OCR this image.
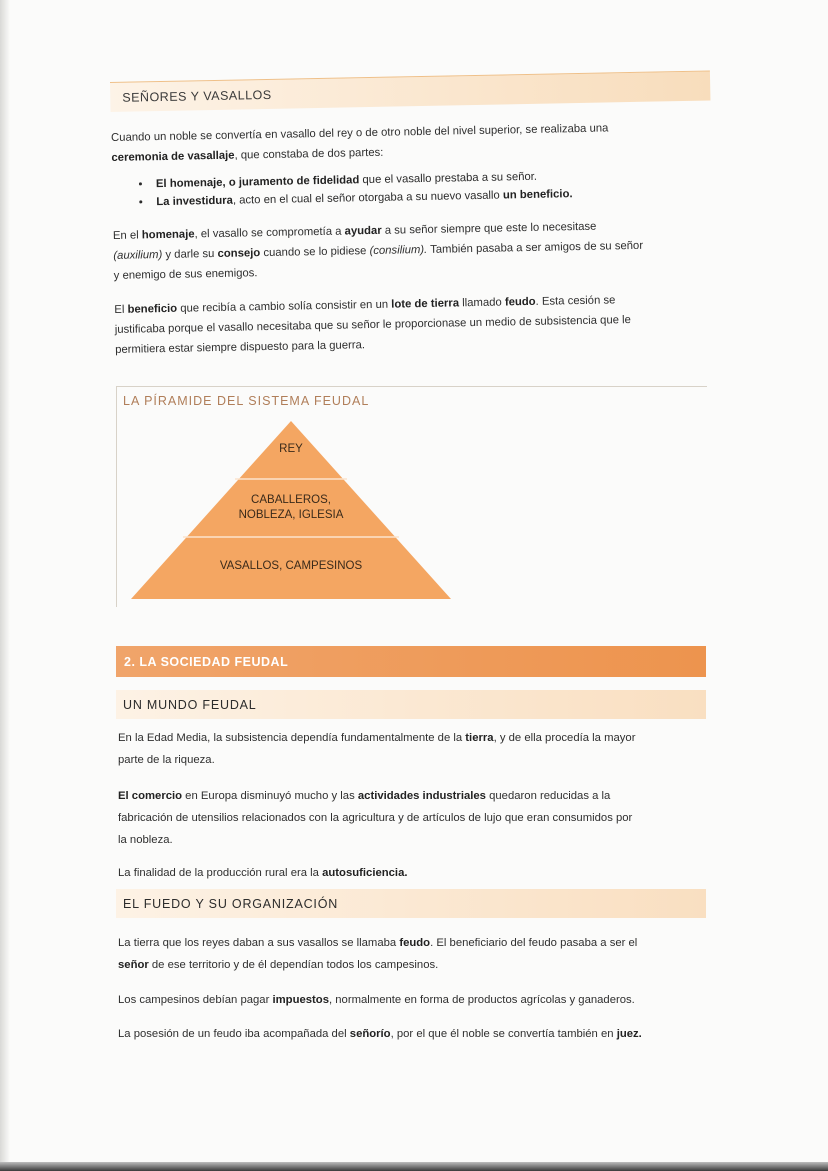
SEÑORES Y VASALLOS

Cuando un noble se convertía en vasallo del rey o de otro noble del nivel superior, se realizaba una
ceremonia de vasallaje, que constaba de dos partes:

• El homenaje, o juramento de fidelidad que el vasallo prestaba a su señor.
• La investidura, acto en el cual el señor otorgaba a su nuevo vasallo un beneficio.

En el homenaje, el vasallo se comprometía a ayudar a su señor siempre que este lo necesitase
(auxilium) y darle su consejo cuando se lo pidiese (consilium). También pasaba a ser amigos de su señor
y enemigo de sus enemigos.

El beneficio que recibía a cambio solía consistir en un lote de tierra llamado feudo. Esta cesión se
justificaba porque el vasallo necesitaba que su señor le proporcionase un medio de subsistencia que le
permitiera estar siempre dispuesto para la guerra.

LA PÍRAMIDE DEL SISTEMA FEUDAL
REY
CABALLEROS,
NOBLEZA, IGLESIA
VASALLOS, CAMPESINOS
2. LA SOCIEDAD FEUDAL
UN MUNDO FEUDAL

En la Edad Media, la subsistencia dependía fundamentalmente de la tierra, y de ella procedía la mayor
parte de la riqueza.

El comercio en Europa disminuyó mucho y las actividades industriales quedaron reducidas a la
fabricación de utensilios relacionados con la agricultura y de artículos de lujo que eran consumidos por
la nobleza.

La finalidad de la producción rural era la autosuficiencia.

EL FUEDO Y SU ORGANIZACIÓN

La tierra que los reyes daban a sus vasallos se llamaba feudo. El beneficiario del feudo pasaba a ser el
señor de ese territorio y de él dependían todos los campesinos.

Los campesinos debían pagar impuestos, normalmente en forma de productos agrícolas y ganaderos.

La posesión de un feudo iba acompañada del señorío, por el que él noble se convertía también en juez.
